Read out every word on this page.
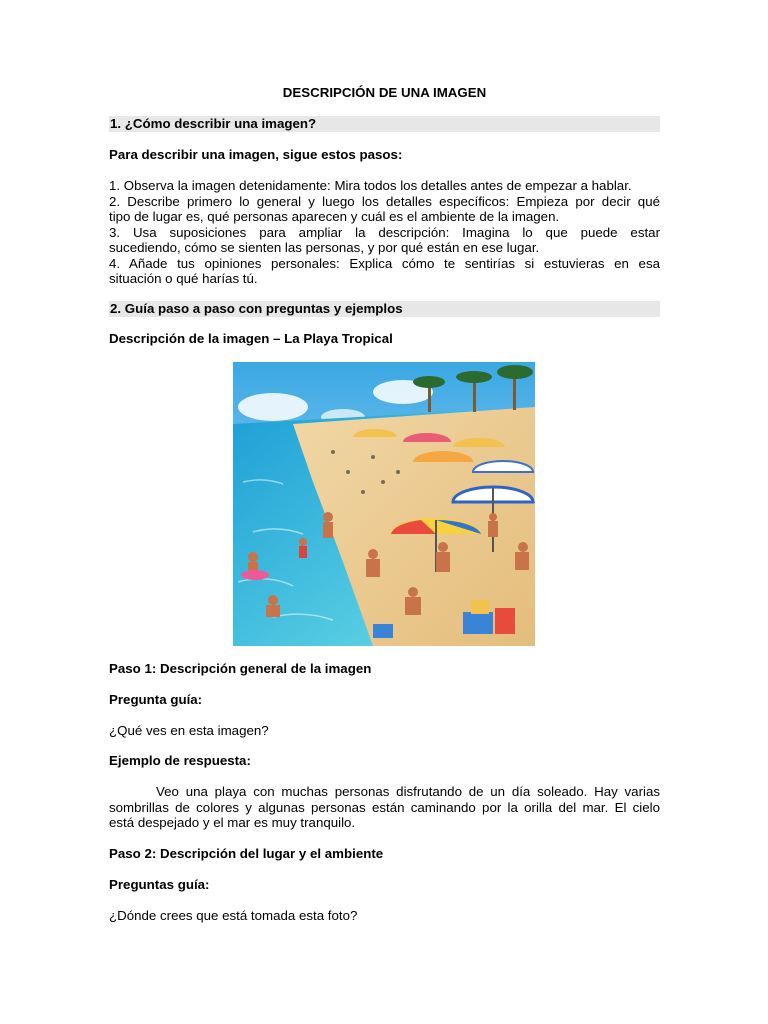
DESCRIPCIÓN DE UNA IMAGEN
1. ¿Cómo describir una imagen?
Para describir una imagen, sigue estos pasos:
1. Observa la imagen detenidamente: Mira todos los detalles antes de empezar a hablar.
2. Describe primero lo general y luego los detalles específicos: Empieza por decir qué
tipo de lugar es, qué personas aparecen y cuál es el ambiente de la imagen.
3. Usa suposiciones para ampliar la descripción: Imagina lo que puede estar
sucediendo, cómo se sienten las personas, y por qué están en ese lugar.
4. Añade tus opiniones personales: Explica cómo te sentirías si estuvieras en esa
situación o qué harías tú.
2. Guía paso a paso con preguntas y ejemplos
Descripción de la imagen – La Playa Tropical
Paso 1: Descripción general de la imagen
Pregunta guía:
¿Qué ves en esta imagen?
Ejemplo de respuesta:
Veo una playa con muchas personas disfrutando de un día soleado. Hay varias
sombrillas de colores y algunas personas están caminando por la orilla del mar. El cielo
está despejado y el mar es muy tranquilo.
Paso 2: Descripción del lugar y el ambiente
Preguntas guía:
¿Dónde crees que está tomada esta foto?
